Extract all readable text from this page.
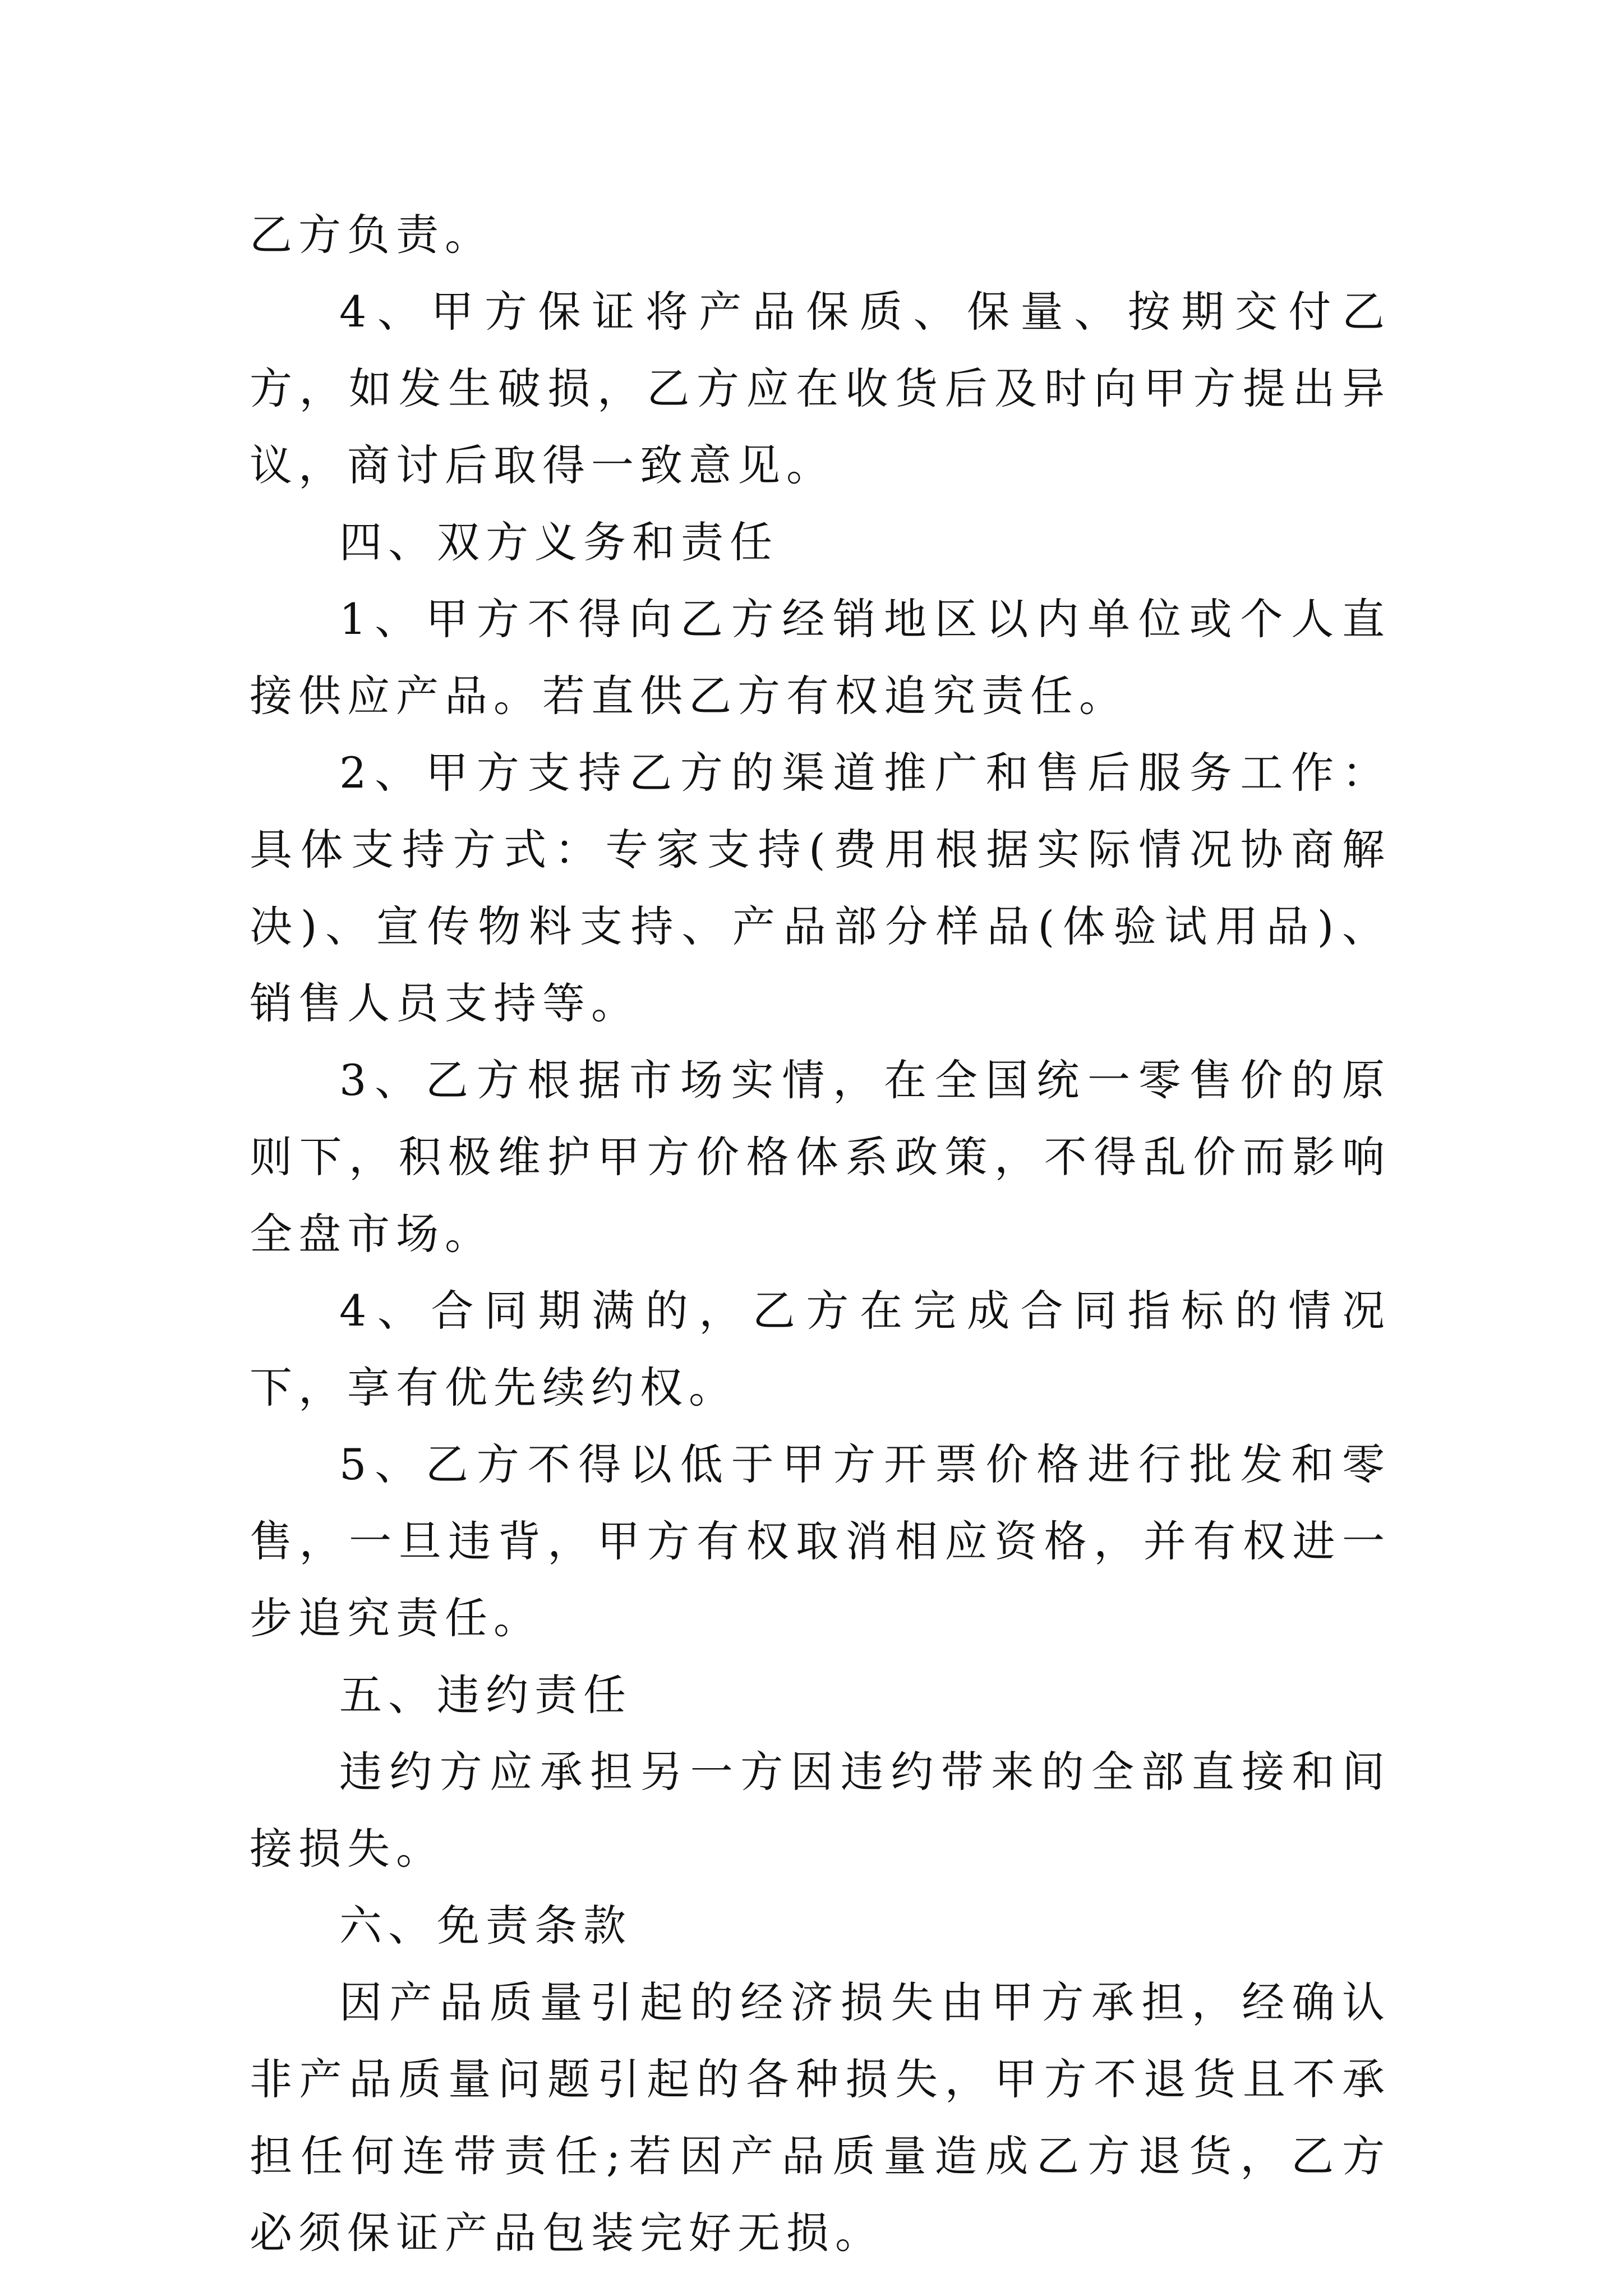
乙方负责。

4、甲方保证将产品保质、保量、按期交付乙方，如发生破损，乙方应在收货后及时向甲方提出异议，商讨后取得一致意见。

四、双方义务和责任

1、甲方不得向乙方经销地区以内单位或个人直接供应产品。若直供乙方有权追究责任。

2、甲方支持乙方的渠道推广和售后服务工作：具体支持方式：专家支持(费用根据实际情况协商解决)、宣传物料支持、产品部分样品(体验试用品)、销售人员支持等。

3、乙方根据市场实情，在全国统一零售价的原则下，积极维护甲方价格体系政策，不得乱价而影响全盘市场。

4、合同期满的，乙方在完成合同指标的情况下，享有优先续约权。

5、乙方不得以低于甲方开票价格进行批发和零售，一旦违背，甲方有权取消相应资格，并有权进一步追究责任。

五、违约责任

违约方应承担另一方因违约带来的全部直接和间接损失。

六、免责条款

因产品质量引起的经济损失由甲方承担，经确认非产品质量问题引起的各种损失，甲方不退货且不承担任何连带责任;若因产品质量造成乙方退货，乙方必须保证产品包装完好无损。
